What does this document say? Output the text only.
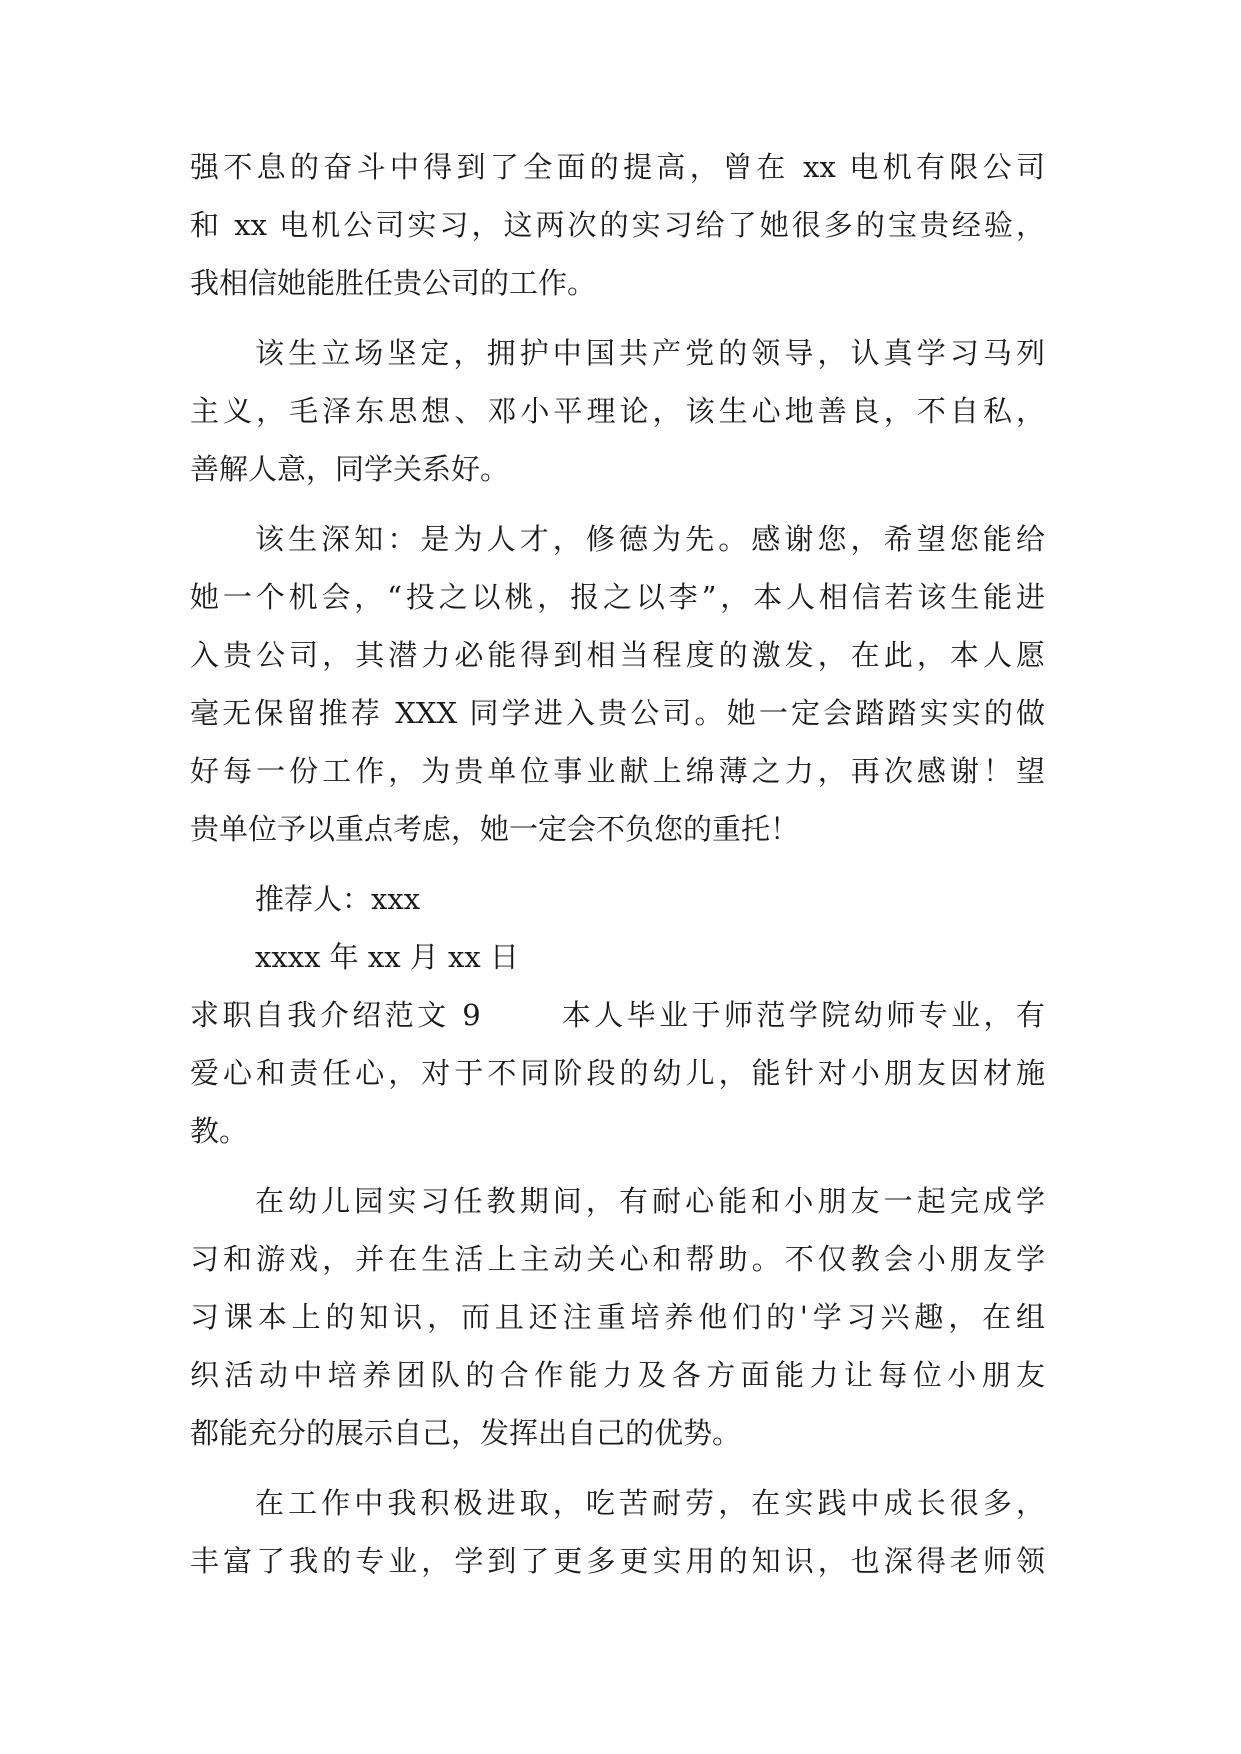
强不息的奋斗中得到了全面的提高，曾在 xx 电机有限公司
和 xx 电机公司实习，这两次的实习给了她很多的宝贵经验，
我相信她能胜任贵公司的工作。
该生立场坚定，拥护中国共产党的领导，认真学习马列
主义，毛泽东思想、邓小平理论，该生心地善良，不自私，
善解人意，同学关系好。
该生深知：是为人才，修德为先。感谢您，希望您能给
她一个机会，“投之以桃，报之以李”，本人相信若该生能进
入贵公司，其潜力必能得到相当程度的激发，在此，本人愿
毫无保留推荐 XXX 同学进入贵公司。她一定会踏踏实实的做
好每一份工作，为贵单位事业献上绵薄之力，再次感谢！望
贵单位予以重点考虑，她一定会不负您的重托！
推荐人：xxx
xxxx 年 xx 月 xx 日
求职自我介绍范文 9　　 本人毕业于师范学院幼师专业，有
爱心和责任心，对于不同阶段的幼儿，能针对小朋友因材施
教。
在幼儿园实习任教期间，有耐心能和小朋友一起完成学
习和游戏，并在生活上主动关心和帮助。不仅教会小朋友学
习课本上的知识，而且还注重培养他们的'学习兴趣，在组
织活动中培养团队的合作能力及各方面能力让每位小朋友
都能充分的展示自己，发挥出自己的优势。
在工作中我积极进取，吃苦耐劳，在实践中成长很多，
丰富了我的专业，学到了更多更实用的知识，也深得老师领
